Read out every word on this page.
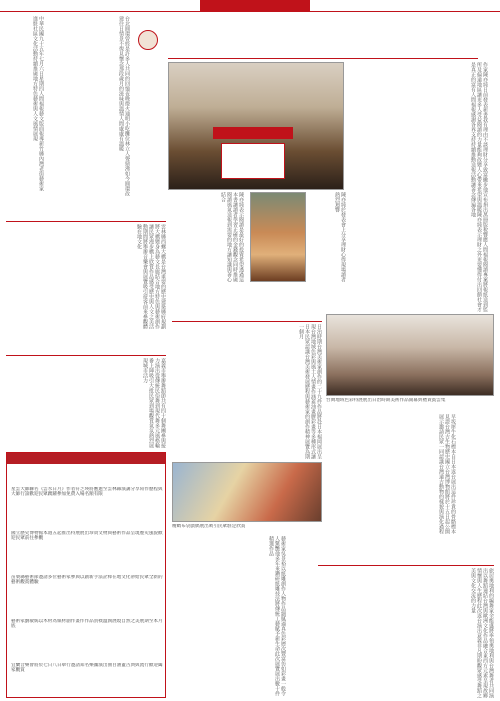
中華民國九十五年七月六日星期四人間福報藝文版面報導新竹縣內灣老街藝術家進駐社區文化活動持續推廣地方特色藝術與人文風情展現	台北圓環曾經是許多人共同的回憶夜晚燈火通明小吃攤位林立人聲鼎沸如今圓環改建往日情景不復見懷念那段歲月的滋味與溫情人間處處有溫暖	作家陳亦純日前發表新書我有理由不談理財分享致富撇步他宣布捐出萬冊版稅響應人間福報閱讀專案將報紙送到監所及偏遠地區讓更多人受益閱讀的力量能夠改變人心帶來希望與溫暖陳亦純表示理財之外更要懂得付出回饋社會才是真正的富有人間福報感謝各界支持持續推動送報活動讓善念傳遍各地
陳亦純表示閱讀是最好的投資希望透過這本書讓讀者學習正確的金錢觀念同時推廣閱讀風氣送報到需要的地方讓知識與善心結合	陳亦純於發表會上分享理財心得現場讀者熱烈迴響
雲林縣西螺大橋是台灣重要的歷史建築縣府規劃將大橋變身為藝文長廊結合地方特色與藝術創作讓民眾漫步橋上欣賞作品感受歷史與人文之美活動期間將舉辦音樂會與展覽吸引遊客前來參觀體驗在地文化
嘉義市舉辦舞蹈節共有四十個舞團參與接力演出從傳統民俗舞到現代舞多元風格輪番上陣吸引大批民眾到場觀賞氣氛熱烈展現城市活力
星雲大師聯名《雲水日月》作者符芝瑛將應邀至雲林縣演講分享寫作歷程與大師行誼歡迎民眾踴躍參加免費入場名額有限
國立歷史博物館本週五起推出特展展出珍貴文物與藝術作品呈現歷史風貌歡迎民眾前往參觀
苗栗縣藝術節邀請多位藝術家參與以創新手法詮釋在地文化帶給民眾全新的藝術觀賞體驗
藝術家劉敏嫣以木材為媒材創作畫作作品質樸溫潤展現自然之美展期至本月底
宜蘭音樂會將於七日八日舉行邀請知名樂團演出曲目涵蓋古典與流行歡迎闔家觀賞
日治時期台灣美術家創作的二十九件作品將赴日本福岡展出呈現台灣地域色彩與風土人情畫作涵蓋油畫膠彩畫等多種形式讓日本民眾認識台灣美術發展歷程與藝術家的創作精神展覽為期一個月
台灣地域色彩特展展出日治時期美術作品開幕典禮貴賓雲集
早坂犀牛化石標本自日本返台展出這件珍貴的骨骼標本見證台灣古生物歷史國立台灣博物館將於十五日起公開展示邀請民眾一同認識台灣遠古動物的樣貌與演化過程
精緻布袋戲偶展出吸引民眾駐足欣賞
旅居奧地利的編舞家余能盛將率領奧地利與台灣舞者共同演出以舞蹈連結台灣與歐洲文化作品融合東西方元素呈現故鄉情懷與人生歷程此次返台演出意義非凡期盼觀眾感受舞蹈之美與文化交流的力量
藝術家吳景裕以紙雕創作人物作品細膩逼真色彩層次豐富仿如彩畫一般令人驚艷他多年來鑽研紙雕技法將傳統工藝賦予新生命此次展覽展出數十件精選作品
